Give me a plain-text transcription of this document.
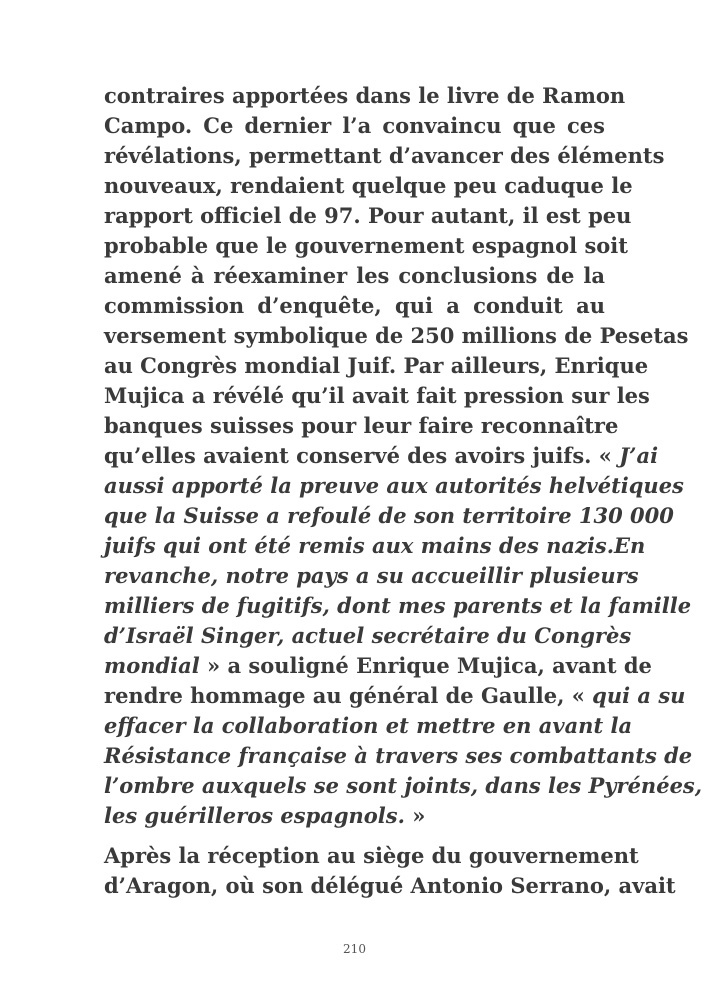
contraires apportées dans le livre de Ramon
Campo. Ce dernier l’a convaincu que ces
révélations, permettant d’avancer des éléments
nouveaux, rendaient quelque peu caduque le
rapport officiel de 97. Pour autant, il est peu
probable que le gouvernement espagnol soit
amené à réexaminer les conclusions de la
commission d’enquête, qui a conduit au
versement symbolique de 250 millions de Pesetas
au Congrès mondial Juif. Par ailleurs, Enrique
Mujica a révélé qu’il avait fait pression sur les
banques suisses pour leur faire reconnaître
qu’elles avaient conservé des avoirs juifs. « J’ai
aussi apporté la preuve aux autorités helvétiques
que la Suisse a refoulé de son territoire 130 000
juifs qui ont été remis aux mains des nazis.En
revanche, notre pays a su accueillir plusieurs
milliers de fugitifs, dont mes parents et la famille
d’Israël Singer, actuel secrétaire du Congrès
mondial » a souligné Enrique Mujica, avant de
rendre hommage au général de Gaulle, « qui a su
effacer la collaboration et mettre en avant la
Résistance française à travers ses combattants de
l’ombre auxquels se sont joints, dans les Pyrénées,
les guérilleros espagnols. »
Après la réception au siège du gouvernement
d’Aragon, où son délégué Antonio Serrano, avait
210
